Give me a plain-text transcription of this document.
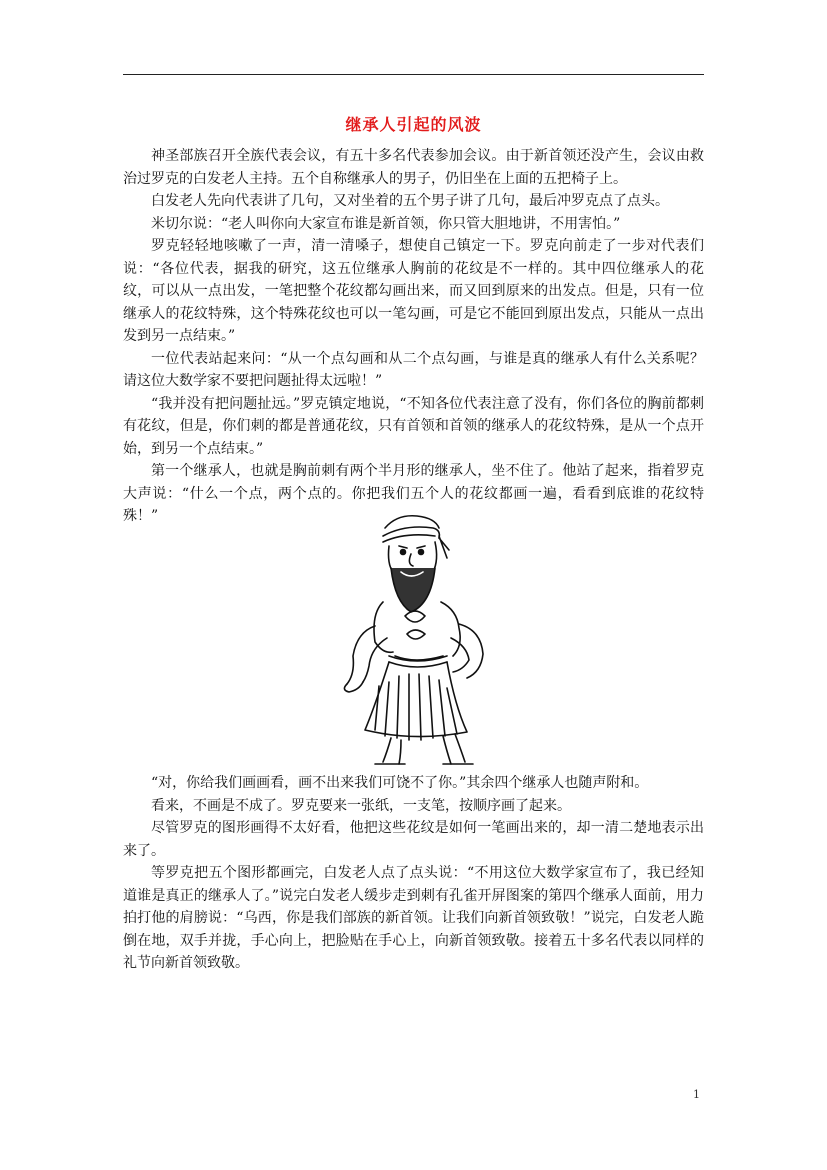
继承人引起的风波

神圣部族召开全族代表会议，有五十多名代表参加会议。由于新首领还没产生，会议由救治过罗克的白发老人主持。五个自称继承人的男子，仍旧坐在上面的五把椅子上。

白发老人先向代表讲了几句，又对坐着的五个男子讲了几句，最后冲罗克点了点头。

米切尔说：“老人叫你向大家宣布谁是新首领，你只管大胆地讲，不用害怕。”

罗克轻轻地咳嗽了一声，清一清嗓子，想使自己镇定一下。罗克向前走了一步对代表们说：“各位代表，据我的研究，这五位继承人胸前的花纹是不一样的。其中四位继承人的花纹，可以从一点出发，一笔把整个花纹都勾画出来，而又回到原来的出发点。但是，只有一位继承人的花纹特殊，这个特殊花纹也可以一笔勾画，可是它不能回到原出发点，只能从一点出发到另一点结束。”

一位代表站起来问：“从一个点勾画和从二个点勾画，与谁是真的继承人有什么关系呢？请这位大数学家不要把问题扯得太远啦！”

“我并没有把问题扯远。”罗克镇定地说，“不知各位代表注意了没有，你们各位的胸前都刺有花纹，但是，你们刺的都是普通花纹，只有首领和首领的继承人的花纹特殊，是从一个点开始，到另一个点结束。”

第一个继承人，也就是胸前刺有两个半月形的继承人，坐不住了。他站了起来，指着罗克大声说：“什么一个点，两个点的。你把我们五个人的花纹都画一遍，看看到底谁的花纹特殊！”

“对，你给我们画画看，画不出来我们可饶不了你。”其余四个继承人也随声附和。

看来，不画是不成了。罗克要来一张纸，一支笔，按顺序画了起来。

尽管罗克的图形画得不太好看，他把这些花纹是如何一笔画出来的，却一清二楚地表示出来了。

等罗克把五个图形都画完，白发老人点了点头说：“不用这位大数学家宣布了，我已经知道谁是真正的继承人了。”说完白发老人缓步走到刺有孔雀开屏图案的第四个继承人面前，用力拍打他的肩膀说：“乌西，你是我们部族的新首领。让我们向新首领致敬！”说完，白发老人跪倒在地，双手并拢，手心向上，把脸贴在手心上，向新首领致敬。接着五十多名代表以同样的礼节向新首领致敬。

1
